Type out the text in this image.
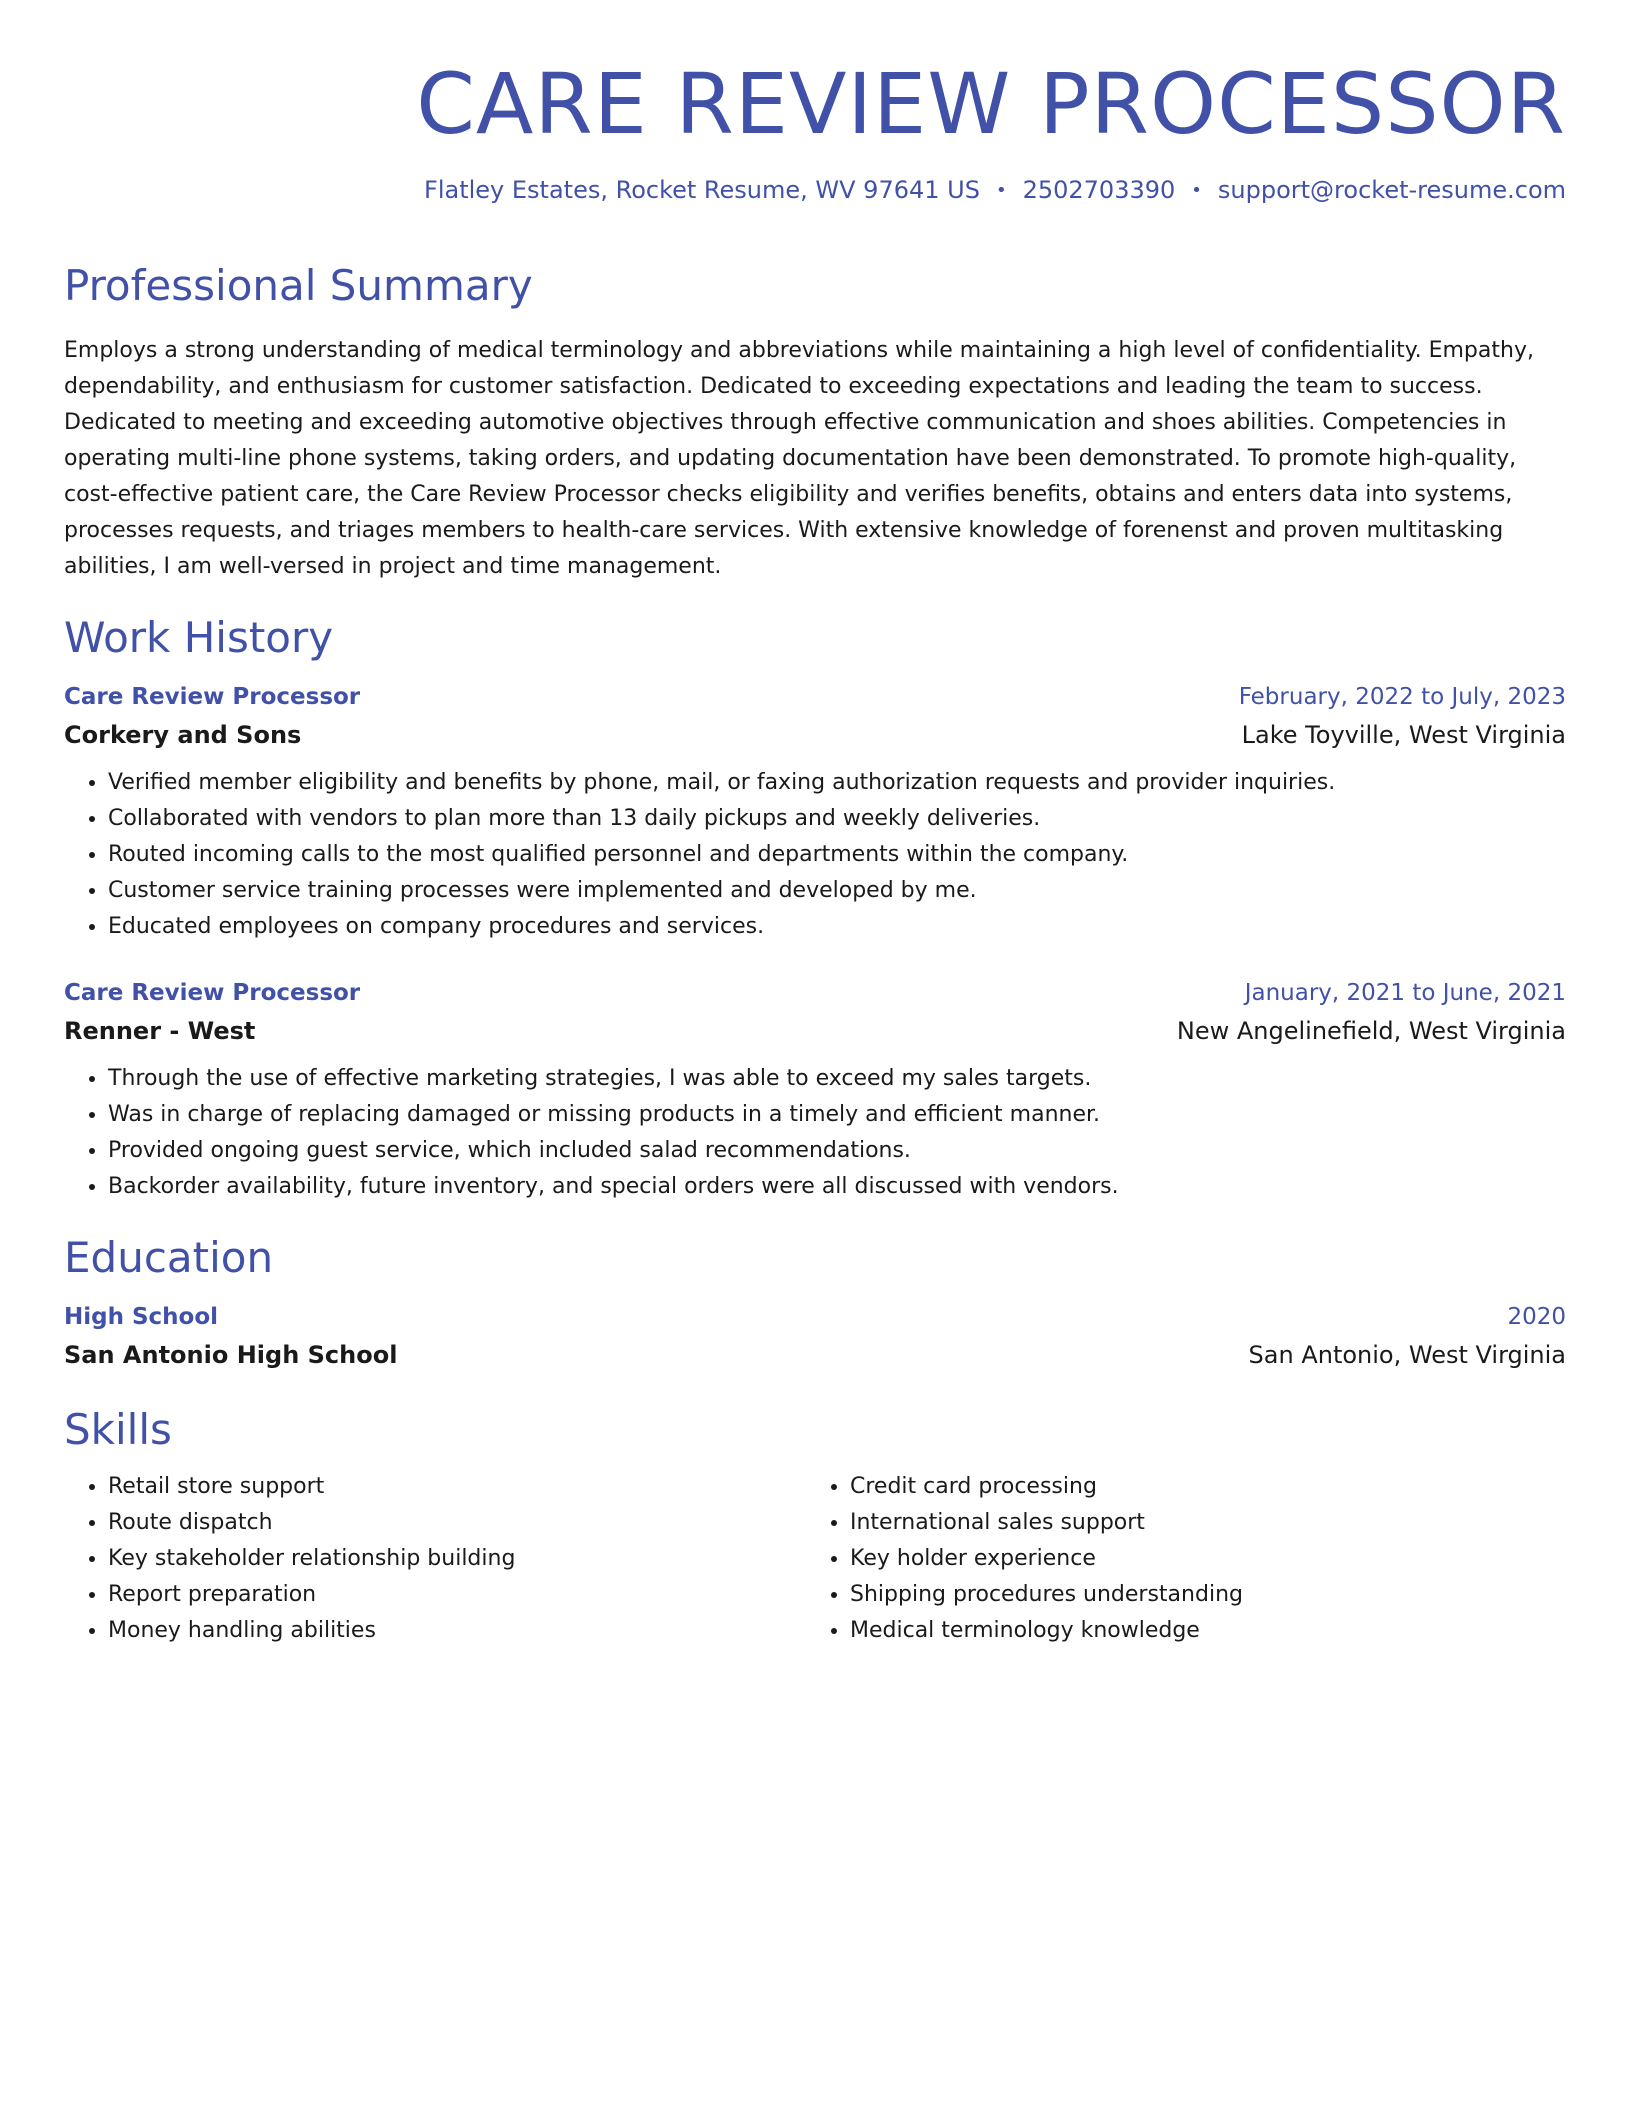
CARE REVIEW PROCESSOR
Flatley Estates, Rocket Resume, WV 97641 US • 2502703390 • support@rocket-resume.com
Professional Summary
Employs a strong understanding of medical terminology and abbreviations while maintaining a high level of confidentiality. Empathy, dependability, and enthusiasm for customer satisfaction. Dedicated to exceeding expectations and leading the team to success. Dedicated to meeting and exceeding automotive objectives through effective communication and shoes abilities. Competencies in operating multi-line phone systems, taking orders, and updating documentation have been demonstrated. To promote high-quality, cost-effective patient care, the Care Review Processor checks eligibility and verifies benefits, obtains and enters data into systems, processes requests, and triages members to health-care services. With extensive knowledge of forenenst and proven multitasking abilities, I am well-versed in project and time management.
Work History
Care Review Processor	February, 2022 to July, 2023
Corkery and Sons	Lake Toyville, West Virginia
• Verified member eligibility and benefits by phone, mail, or faxing authorization requests and provider inquiries.
• Collaborated with vendors to plan more than 13 daily pickups and weekly deliveries.
• Routed incoming calls to the most qualified personnel and departments within the company.
• Customer service training processes were implemented and developed by me.
• Educated employees on company procedures and services.
Care Review Processor	January, 2021 to June, 2021
Renner - West	New Angelinefield, West Virginia
• Through the use of effective marketing strategies, I was able to exceed my sales targets.
• Was in charge of replacing damaged or missing products in a timely and efficient manner.
• Provided ongoing guest service, which included salad recommendations.
• Backorder availability, future inventory, and special orders were all discussed with vendors.
Education
High School	2020
San Antonio High School	San Antonio, West Virginia
Skills
• Retail store support
• Route dispatch
• Key stakeholder relationship building
• Report preparation
• Money handling abilities
• Credit card processing
• International sales support
• Key holder experience
• Shipping procedures understanding
• Medical terminology knowledge
